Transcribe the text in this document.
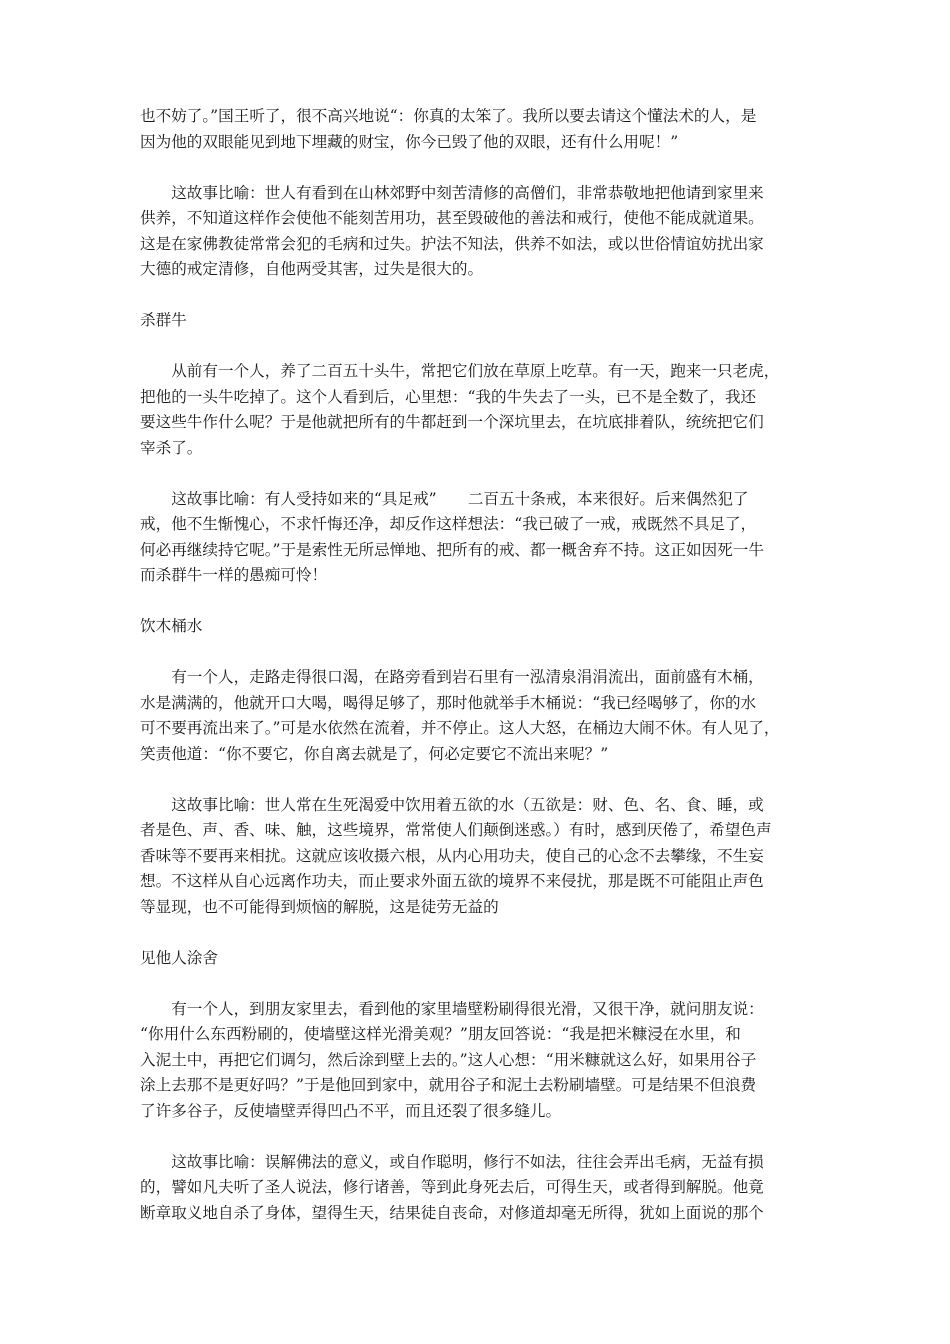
也不妨了。”国王听了，很不高兴地说“：你真的太笨了。我所以要去请这个懂法术的人，是
因为他的双眼能见到地下埋藏的财宝，你今已毁了他的双眼，还有什么用呢！”
　　这故事比喻：世人有看到在山林郊野中刻苦清修的高僧们，非常恭敬地把他请到家里来
供养，不知道这样作会使他不能刻苦用功，甚至毁破他的善法和戒行，使他不能成就道果。
这是在家佛教徒常常会犯的毛病和过失。护法不知法，供养不如法，或以世俗情谊妨扰出家
大德的戒定清修，自他两受其害，过失是很大的。
杀群牛
　　从前有一个人，养了二百五十头牛，常把它们放在草原上吃草。有一天，跑来一只老虎，
把他的一头牛吃掉了。这个人看到后，心里想：“我的牛失去了一头，已不是全数了，我还
要这些牛作什么呢？于是他就把所有的牛都赶到一个深坑里去，在坑底排着队，统统把它们
宰杀了。
　　这故事比喻：有人受持如来的“具足戒”　　二百五十条戒，本来很好。后来偶然犯了
戒，他不生惭愧心，不求忏悔还净，却反作这样想法：“我已破了一戒，戒既然不具足了，
何必再继续持它呢。”于是索性无所忌惮地、把所有的戒、都一概舍弃不持。这正如因死一牛
而杀群牛一样的愚痴可怜！
饮木桶水
　　有一个人，走路走得很口渴，在路旁看到岩石里有一泓清泉涓涓流出，面前盛有木桶，
水是满满的，他就开口大喝，喝得足够了，那时他就举手木桶说：“我已经喝够了，你的水
可不要再流出来了。”可是水依然在流着，并不停止。这人大怒，在桶边大闹不休。有人见了，
笑责他道：“你不要它，你自离去就是了，何必定要它不流出来呢？”
　　这故事比喻：世人常在生死渴爱中饮用着五欲的水（五欲是：财、色、名、食、睡，或
者是色、声、香、味、触，这些境界，常常使人们颠倒迷惑。）有时，感到厌倦了，希望色声
香味等不要再来相扰。这就应该收摄六根，从内心用功夫，使自己的心念不去攀缘，不生妄
想。不这样从自心远离作功夫，而止要求外面五欲的境界不来侵扰，那是既不可能阻止声色
等显现，也不可能得到烦恼的解脱，这是徒劳无益的
见他人涂舍
　　有一个人，到朋友家里去，看到他的家里墙壁粉刷得很光滑，又很干净，就问朋友说：
“你用什么东西粉刷的，使墙壁这样光滑美观？”朋友回答说：“我是把米糠浸在水里，和
入泥土中，再把它们调匀，然后涂到壁上去的。”这人心想：“用米糠就这么好，如果用谷子
涂上去那不是更好吗？”于是他回到家中，就用谷子和泥土去粉刷墙壁。可是结果不但浪费
了许多谷子，反使墙壁弄得凹凸不平，而且还裂了很多缝儿。
　　这故事比喻：误解佛法的意义，或自作聪明，修行不如法，往往会弄出毛病，无益有损
的，譬如凡夫听了圣人说法，修行诸善，等到此身死去后，可得生天，或者得到解脱。他竟
断章取义地自杀了身体，望得生天，结果徒自丧命，对修道却毫无所得，犹如上面说的那个
